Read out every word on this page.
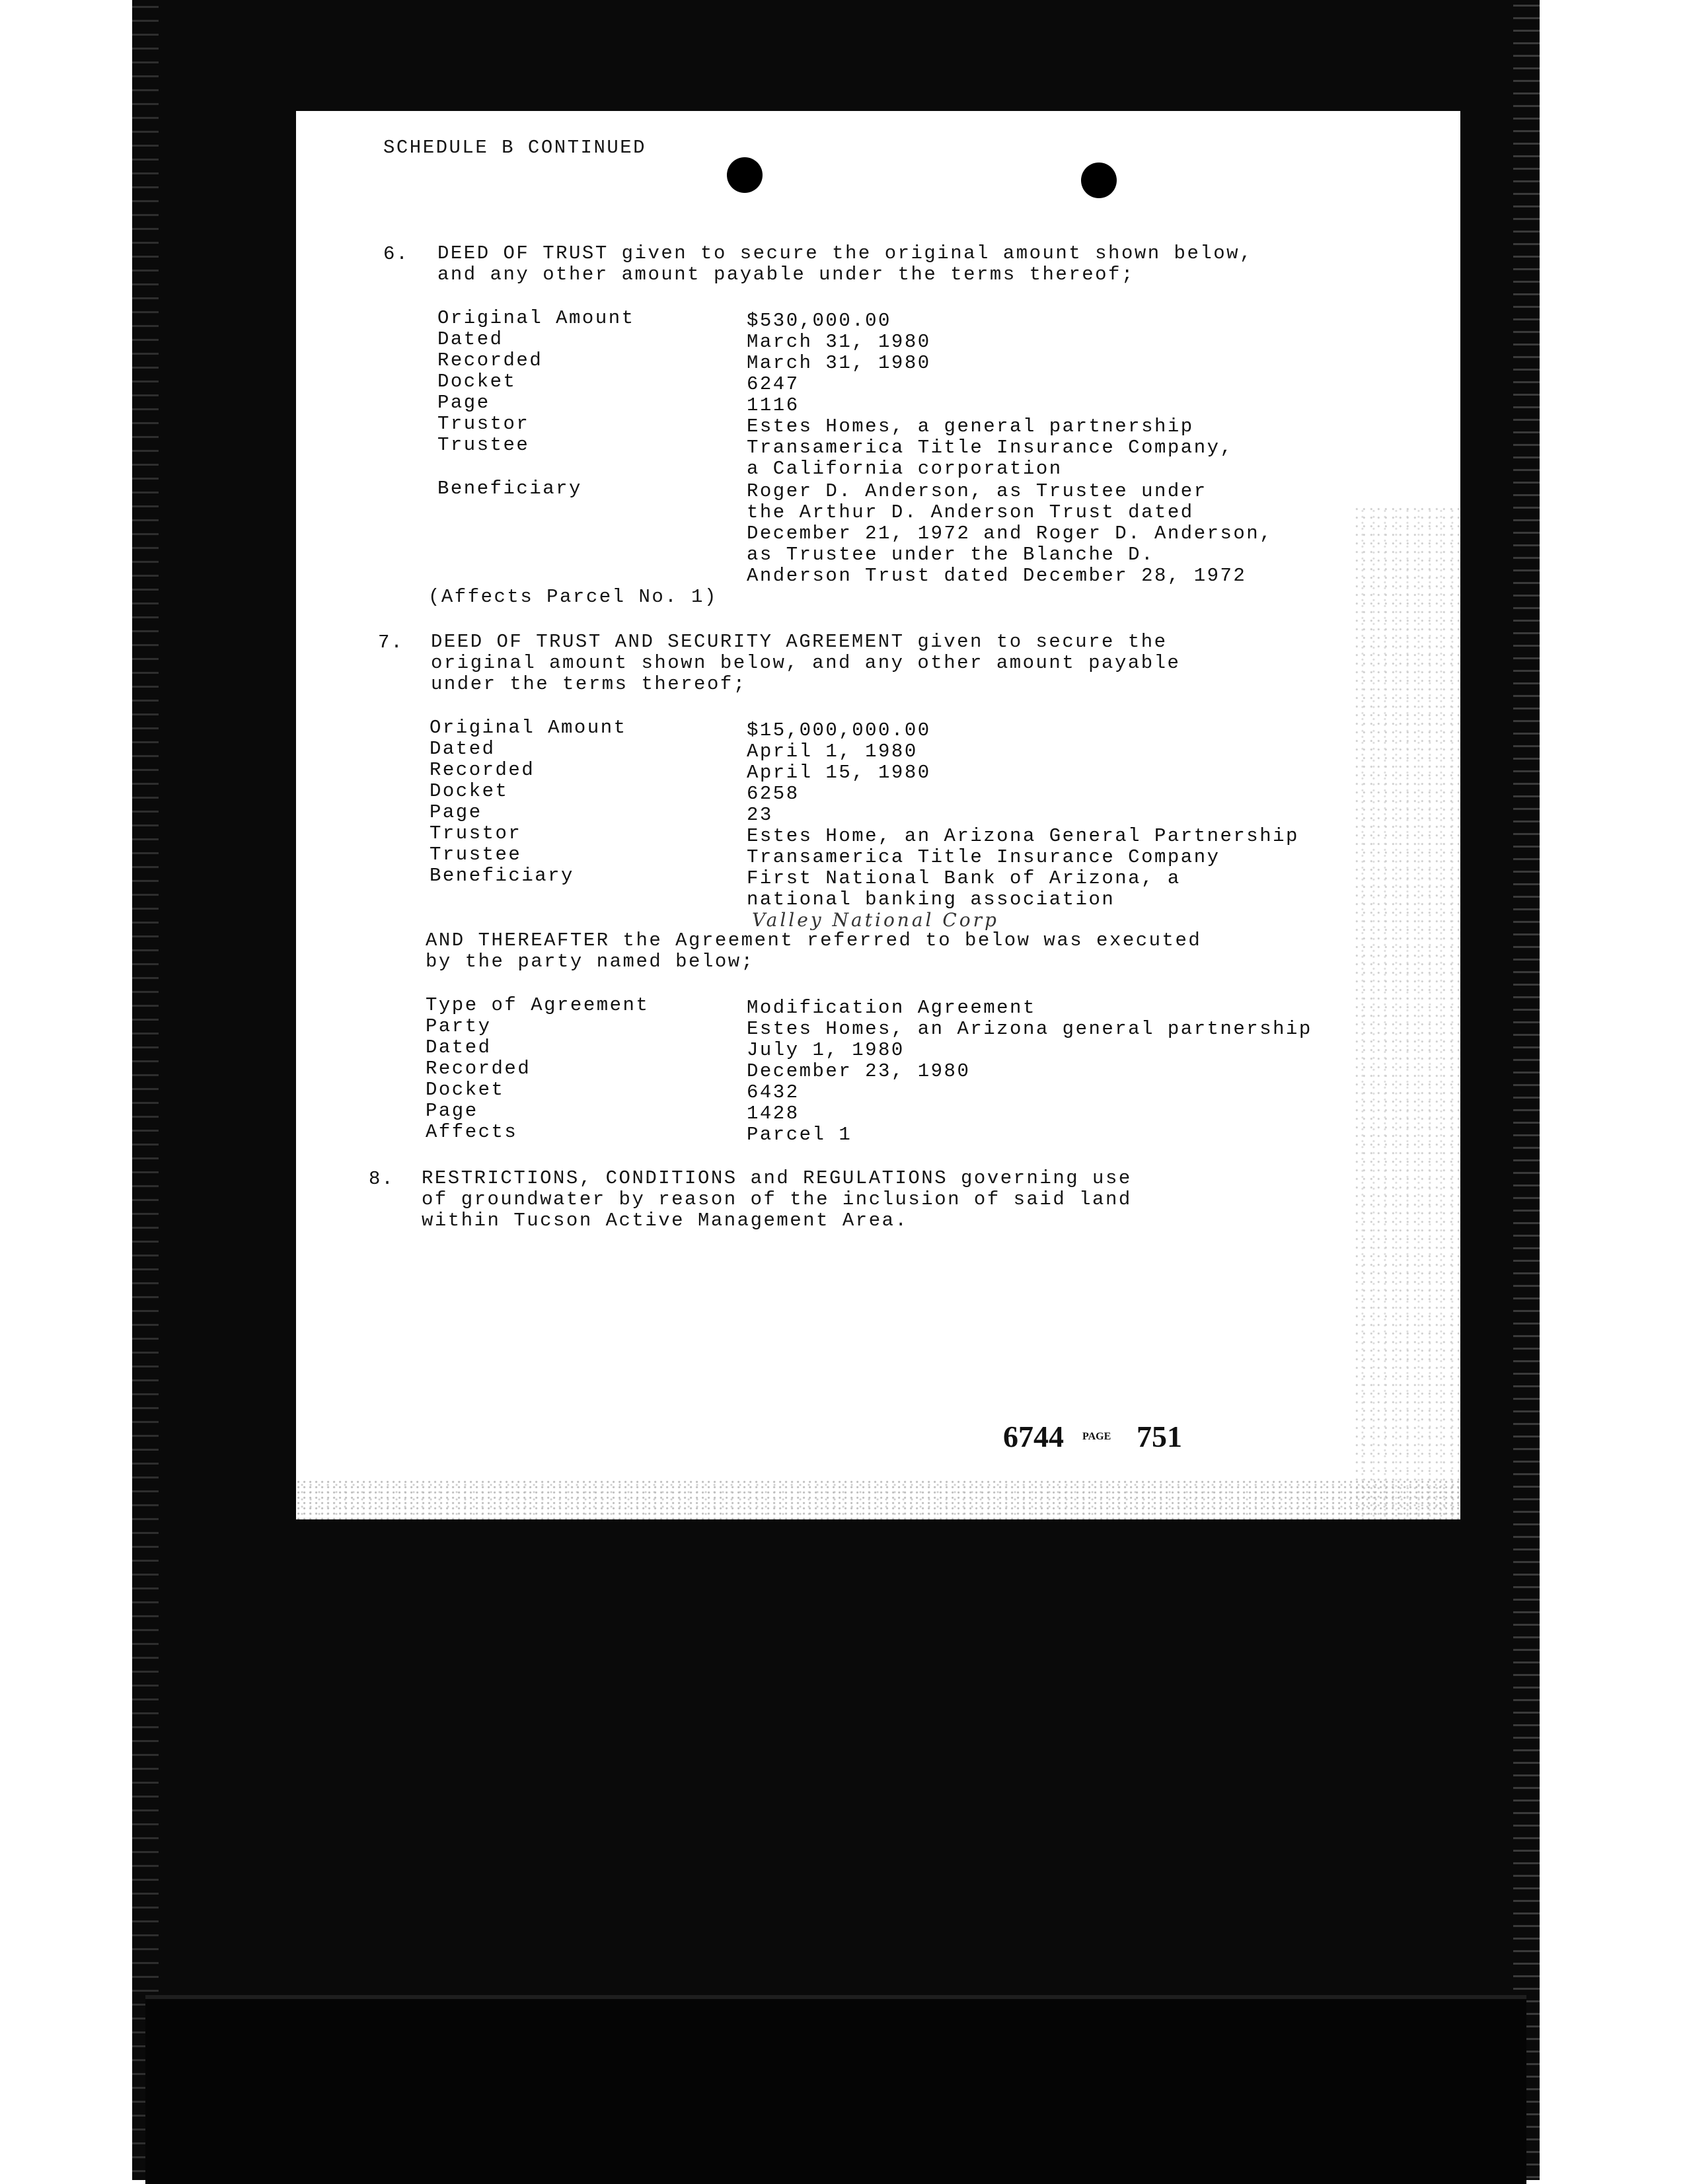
SCHEDULE B CONTINUED
6. DEED OF TRUST given to secure the original amount shown below,
and any other amount payable under the terms thereof;
Original Amount	$530,000.00
Dated	March 31, 1980
Recorded	March 31, 1980
Docket	6247
Page	1116
Trustor	Estes Homes, a general partnership
Trustee	Transamerica Title Insurance Company,
a California corporation
Beneficiary	Roger D. Anderson, as Trustee under
the Arthur D. Anderson Trust dated
December 21, 1972 and Roger D. Anderson,
as Trustee under the Blanche D.
Anderson Trust dated December 28, 1972
(Affects Parcel No. 1)
7. DEED OF TRUST AND SECURITY AGREEMENT given to secure the
original amount shown below, and any other amount payable
under the terms thereof;
Original Amount	$15,000,000.00
Dated	April 1, 1980
Recorded	April 15, 1980
Docket	6258
Page	23
Trustor	Estes Home, an Arizona General Partnership
Trustee	Transamerica Title Insurance Company
Beneficiary	First National Bank of Arizona, a
national banking association
Valley National Corp
AND THEREAFTER the Agreement referred to below was executed
by the party named below;
Type of Agreement	Modification Agreement
Party	Estes Homes, an Arizona general partnership
Dated	July 1, 1980
Recorded	December 23, 1980
Docket	6432
Page	1428
Affects	Parcel 1
8. RESTRICTIONS, CONDITIONS and REGULATIONS governing use
of groundwater by reason of the inclusion of said land
within Tucson Active Management Area.
6744 PAGE 751
